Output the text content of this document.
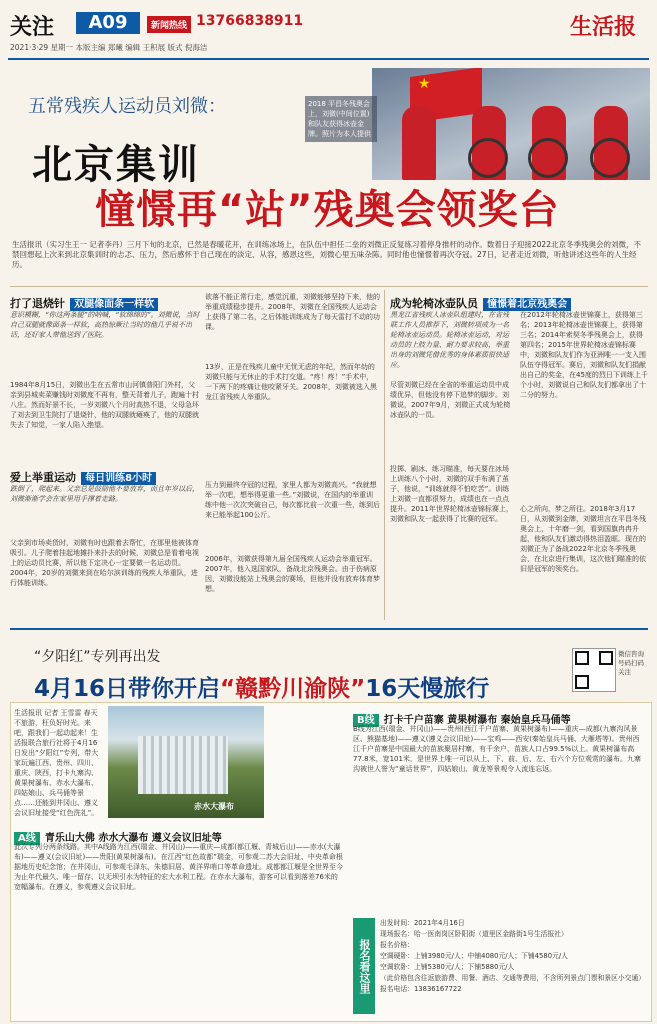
关注	A09	新闻热线 13766838911	生活报
2021·3·29 星期一 本版主编 郑曦 编辑 王积展 版式 倪海洁
五常残疾人运动员刘微：
北京集训
憧憬再“站”残奥会领奖台
★
2018 平昌冬残奥会上，刘微(中间位置)和队友获得冰壶金牌。照片为本人提供
生活报讯（实习生王一 记者李丹）三月下旬的北京，已然是春暖花开，在训练冰场上，在队伍中担任二垒的刘微正反复练习着停身推杆的动作。数着日子迎接2022北京冬季残奥会的刘微，不禁回想起上次来到北京集训时的忐忑、压力，然后感怀于自己现在的淡定、从容，感恩这些，刘微心里五味杂陈。同时他也憧憬着再次夺冠。27日，记者走近刘微，听他讲述这些年的人生经历。
打了退烧针 双腿像面条一样软
意识模糊，“你这两条腿”的呐喊，“软绵绵的”。刘微说，当时自己双腿就像面条一样软，高热惊厥让当时的他几乎说不出话，还好家人带他送到了医院。
1984年8月15日，刘微出生在五常市山河镇普阳门外村，父亲到县城卖菜赚钱时刘微度不再有，整天背着儿子，跑遍十村八庄。然而好景不长，一岁刘微八个月时高热不退，父母急坏了刘去到卫生院打了退烧针，他的双腿就瘫痪了，他的双腿就失去了知觉，一家人陷入绝望。
爱上举重运动 每日训练8小时
跌倒了，爬起来。父亲总是鼓励他不要放弃，而且年岁以后，刘微渐渐学会在家里用手撑着走路。
父亲到市场卖货时，刘微有时也跟着去帮忙，在那里他被体育吸引。儿子爬着挂起地摊扑来扑去的时候，刘微总是看着电视上的运动员比赛，所以他下定决心一定要做一名运动员。2004年，20岁的刘微来到在哈尔滨训练的残疾人举重队，进行体能训练。
欲落不能正常行走，感觉沉重，刘微能够坚持下来，他的举重成绩稳步提升。2008年，刘微在全国残疾人运动会上获得了第二名，之后体能训练成为了每天雷打不动的功课。
13岁，正是在残疾儿童中无忧无虑的年纪，然而年幼的刘微只能与无休止的手术打交道。“疼！疼！”手术中，一下两下的疼痛让他咬紧牙关。2008年，刘微被选入黑龙江省残疾人举重队。
压力到最终夺冠的过程，家里人都为刘微高兴。“我就想举一次吧，想举得更重一些。”刘微说，在国内的举重训练中他一次次突破自己，每次都比前一次重一些，练到后来已能举起100公斤。
2006年，刘微获得第九届全国残疾人运动会举重冠军。2007年，他入选国家队，备战北京残奥会。由于伤病原因，刘微没能站上残奥会的赛场，但他并没有放弃体育梦想。
成为轮椅冰壶队员 憧憬着北京残奥会
黑龙江省残疾人冰壶队组建时，在省残联工作人员推荐下，刘微转项成为一名轮椅冰壶运动员。轮椅冰壶运动，对运动员的上肢力量、耐力要求较高，举重出身的刘微凭借优秀的身体素质很快适应。
尽管刘微已经在全省的举重运动员中成绩优异，但他没有停下追梦的脚步。刘微说，2007年9月，刘微正式成为轮椅冰壶队的一员。
投掷、刷冰、练习瞄准，每天要在冰场上训练八个小时，刘微的双手布满了茧子，他说，“训练就得不怕吃苦”。训练上刘微一直都很努力，成绩也在一点点提升。2011年世界轮椅冰壶锦标赛上，刘微和队友一起获得了比赛的冠军。
在2012年轮椅冰壶世锦赛上，获得第三名；2013年轮椅冰壶世锦赛上，获得第三名；2014年索契冬季残奥会上，获得第四名；2015年世界轮椅冰壶锦标赛中，刘微和队友们作为亚洲唯一一支入围队伍夺得冠军。赛后，刘微和队友们捐献出自己的奖金，在45度的烈日下训练上千个小时，刘微说自己和队友们都拿出了十二分的努力。
心之所向，梦之所往。2018年3月17日，从刘微到金牌，刘微坦言在平昌冬残奥会上，十年磨一剑，看到国旗冉冉升起，他和队友们激动得热泪盈眶。现在的刘微正为了备战2022年北京冬季残奥会，在北京进行集训，这次他们瞄准的依旧是冠军的领奖台。
“夕阳红”专列再出发
4月16日带你开启“赣黔川渝陕”16天慢旅行
微信咨询号码扫码关注
赤水大瀑布
生活报讯 记者 王雪雷 春天不旅游，枉负好时光。来吧，跟我们一起动起来！生活报联合旅行社将于4月16日发出“夕阳红”专列，带大家玩遍江西、贵州、四川、重庆、陕西，打卡九寨沟、黄果树瀑布、赤水大瀑布、四姑娘山、兵马俑等景点……还能到井冈山、遵义会议旧址接受“红色洗礼”。
A线 青乐山大佛 赤水大瀑布 遵义会议旧址等
此次专列分两条线路。其中A线路为江西(瑞金、井冈山)——重庆—成都(都江堰、青城后山)——赤水(大瀑布)——遵义(会议旧址)——贵阳(黄果树瀑布)。在江西“红色故都”瑞金，可参观二苏大会旧址、中央革命根据地历史纪念馆；在井冈山，可参观毛泽东、朱德旧居、黄洋界哨口等革命遗址。成都都江堰是全世界至今为止年代最久、唯一留存、以无坝引水为特征的宏大水利工程。在赤水大瀑布，游客可以看到落差76米的宽幅瀑布。在遵义，参观遵义会议旧址。
B线 打卡千户苗寨 黄果树瀑布 秦始皇兵马俑等
B线为江西(瑞金、井冈山)——贵州(西江千户苗寨、黄果树瀑布)——重庆—成都(九寨沟风景区、熊猫基地)——遵义(遵义会议旧址)——宝鸡——西安(秦始皇兵马俑、大雁塔等)。贵州西江千户苗寨是中国最大的苗族聚居村寨，有千余户，苗族人口占99.5%以上。黄果树瀑布高77.8米，宽101米，是世界上唯一可以从上、下、前、后、左、右六个方位观赏的瀑布。九寨沟被世人誉为“童话世界”，四姑娘山、黄龙等景观令人流连忘返。
报名看这里
出发时间：2021年4月16日
现场报名：哈一医南岗区卧阳街（道里区金路街1号生活报社）
报名价格：
空调硬卧：上铺3980元/人；中铺4080元/人；下铺4580元/人
空调软卧：上铺5380元/人；下铺5880元/人
（此价格包含往返旅游费、用餐、酒店、交通等费用，不含所列景点门票和景区小交通）
报名电话：13836167722
